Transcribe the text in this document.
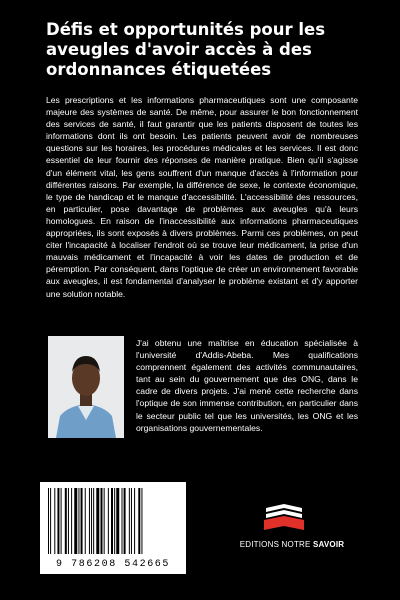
Défis et opportunités pour les aveugles d'avoir accès à des ordonnances étiquetées

Les prescriptions et les informations pharmaceutiques sont une composante majeure des systèmes de santé. De même, pour assurer le bon fonctionnement des services de santé, il faut garantir que les patients disposent de toutes les informations dont ils ont besoin. Les patients peuvent avoir de nombreuses questions sur les horaires, les procédures médicales et les services. Il est donc essentiel de leur fournir des réponses de manière pratique. Bien qu'il s'agisse d'un élément vital, les gens souffrent d'un manque d'accès à l'information pour différentes raisons. Par exemple, la différence de sexe, le contexte économique, le type de handicap et le manque d'accessibilité. L'accessibilité des ressources, en particulier, pose davantage de problèmes aux aveugles qu'à leurs homologues. En raison de l'inaccessibilité aux informations pharmaceutiques appropriées, ils sont exposés à divers problèmes. Parmi ces problèmes, on peut citer l'incapacité à localiser l'endroit où se trouve leur médicament, la prise d'un mauvais médicament et l'incapacité à voir les dates de production et de péremption. Par conséquent, dans l'optique de créer un environnement favorable aux aveugles, il est fondamental d'analyser le problème existant et d'y apporter une solution notable.

J'ai obtenu une maîtrise en éducation spécialisée à l'université d'Addis-Abeba. Mes qualifications comprennent également des activités communautaires, tant au sein du gouvernement que des ONG, dans le cadre de divers projets. J'ai mené cette recherche dans l'optique de son immense contribution, en particulier dans le secteur public tel que les universités, les ONG et les organisations gouvernementales.

9 786208 542665
EDITIONS NOTRE SAVOIR
